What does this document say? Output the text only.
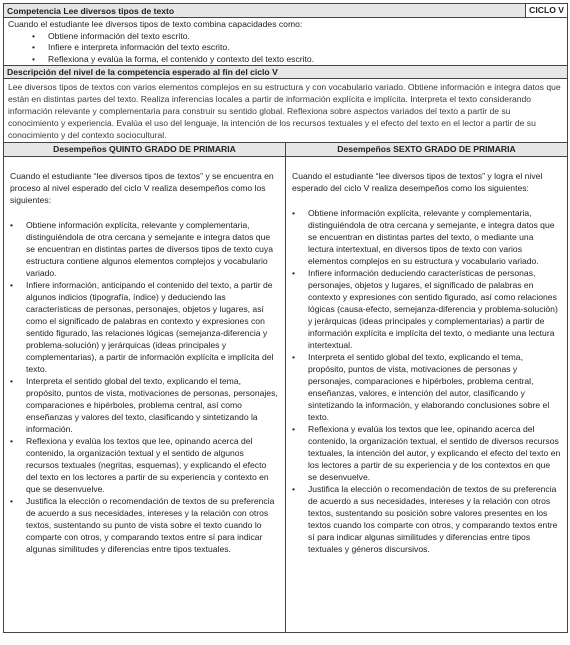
Competencia Lee diversos tipos de texto	CICLO V
Cuando el estudiante lee diversos tipos de texto combina capacidades como:
• Obtiene información del texto escrito.
• Infiere e interpreta información del texto escrito.
• Reflexiona y evalúa la forma, el contenido y contexto del texto escrito.
Descripción del nivel de la competencia esperado al fin del ciclo V
Lee diversos tipos de textos con varios elementos complejos en su estructura y con vocabulario variado. Obtiene información e integra datos que están en distintas partes del texto. Realiza inferencias locales a partir de información explícita e implícita. Interpreta el texto considerando información relevante y complementaria para construir su sentido global. Reflexiona sobre aspectos variados del texto a partir de su conocimiento y experiencia. Evalúa el uso del lenguaje, la intención de los recursos textuales y el efecto del texto en el lector a partir de su conocimiento y del contexto sociocultural.
Desempeños QUINTO GRADO DE PRIMARIA
Cuando el estudiante “lee diversos tipos de textos” y se encuentra en proceso al nivel esperado del ciclo V realiza desempeños como los siguientes:
• Obtiene información explícita, relevante y complementaria, distinguiéndola de otra cercana y semejante e integra datos que se encuentran en distintas partes de diversos tipos de texto cuya estructura contiene algunos elementos complejos y vocabulario variado.
• Infiere información, anticipando el contenido del texto, a partir de algunos indicios (tipografía, índice) y deduciendo las características de personas, personajes, objetos y lugares, así como el significado de palabras en contexto y expresiones con sentido figurado, las relaciones lógicas (semejanza-diferencia y problema-solución) y jerárquicas (ideas principales y complementarias), a partir de información explícita e implícita del texto.
• Interpreta el sentido global del texto, explicando el tema, propósito, puntos de vista, motivaciones de personas, personajes, comparaciones e hipérboles, problema central, así como enseñanzas y valores del texto, clasificando y sintetizando la información.
• Reflexiona y evalúa los textos que lee, opinando acerca del contenido, la organización textual y el sentido de algunos recursos textuales (negritas, esquemas), y explicando el efecto del texto en los lectores a partir de su experiencia y contexto en que se desenvuelve.
• Justifica la elección o recomendación de textos de su preferencia de acuerdo a sus necesidades, intereses y la relación con otros textos, sustentando su punto de vista sobre el texto cuando lo comparte con otros, y comparando textos entre sí para indicar algunas similitudes y diferencias entre tipos textuales.
Desempeños SEXTO GRADO DE PRIMARIA
Cuando el estudiante “lee diversos tipos de textos” y logra el nivel esperado del ciclo V realiza desempeños como los siguientes:
• Obtiene información explícita, relevante y complementaria, distinguiéndola de otra cercana y semejante, e integra datos que se encuentran en distintas partes del texto, o mediante una lectura intertextual, en diversos tipos de texto con varios elementos complejos en su estructura y vocabulario variado.
• Infiere información deduciendo características de personas, personajes, objetos y lugares, el significado de palabras en contexto y expresiones con sentido figurado, así como relaciones lógicas (causa-efecto, semejanza-diferencia y problema-solución) y jerárquicas (ideas principales y complementarias) a partir de información explícita e implícita del texto, o mediante una lectura intertextual.
• Interpreta el sentido global del texto, explicando el tema, propósito, puntos de vista, motivaciones de personas y personajes, comparaciones e hipérboles, problema central, enseñanzas, valores, e intención del autor, clasificando y sintetizando la información, y elaborando conclusiones sobre el texto.
• Reflexiona y evalúa los textos que lee, opinando acerca del contenido, la organización textual, el sentido de diversos recursos textuales, la intención del autor, y explicando el efecto del texto en los lectores a partir de su experiencia y de los contextos en que se desenvuelve.
• Justifica la elección o recomendación de textos de su preferencia de acuerdo a sus necesidades, intereses y la relación con otros textos, sustentando su posición sobre valores presentes en los textos cuando los comparte con otros, y comparando textos entre sí para indicar algunas similitudes y diferencias entre tipos textuales y géneros discursivos.
